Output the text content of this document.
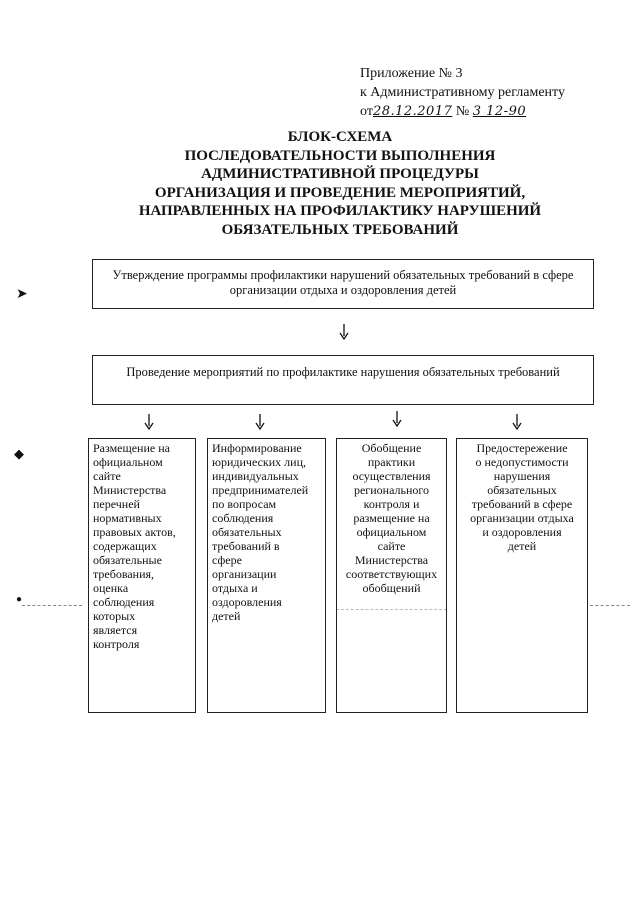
➤
◆
●
Приложение № 3
к Административному регламенту
от28.12.2017 № 3 12-90
БЛОК-СХЕМА
ПОСЛЕДОВАТЕЛЬНОСТИ ВЫПОЛНЕНИЯ
АДМИНИСТРАТИВНОЙ ПРОЦЕДУРЫ
ОРГАНИЗАЦИЯ И ПРОВЕДЕНИЕ МЕРОПРИЯТИЙ,
НАПРАВЛЕННЫХ НА ПРОФИЛАКТИКУ НАРУШЕНИЙ
ОБЯЗАТЕЛЬНЫХ ТРЕБОВАНИЙ
Утверждение программы профилактики нарушений обязательных требований в сфере
организации отдыха и оздоровления детей
Проведение мероприятий по профилактике нарушения обязательных требований
Размещение на
официальном
сайте
Министерства
перечней
нормативных
правовых актов,
содержащих
обязательные
требования,
оценка
соблюдения
которых
является
контроля
Информирование
юридических лиц,
индивидуальных
предпринимателей
по вопросам
соблюдения
обязательных
требований в
сфере
организации
отдыха и
оздоровления
детей
Обобщение
практики
осуществления
регионального
контроля и
размещение на
официальном
сайте
Министерства
соответствующих
обобщений
Предостережение
о недопустимости
нарушения
обязательных
требований в сфере
организации отдыха
и оздоровления
детей
